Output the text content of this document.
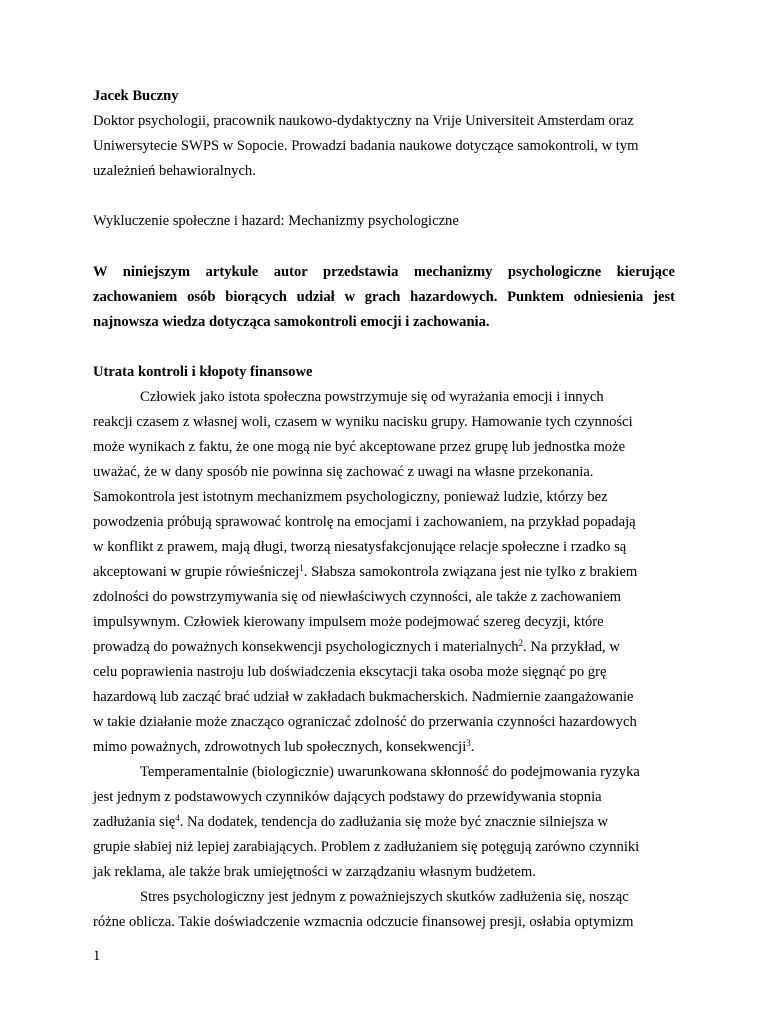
Jacek Buczny
Doktor psychologii, pracownik naukowo-dydaktyczny na Vrije Universiteit Amsterdam oraz
Uniwersytecie SWPS w Sopocie. Prowadzi badania naukowe dotyczące samokontroli, w tym
uzależnień behawioralnych.
Wykluczenie społeczne i hazard: Mechanizmy psychologiczne
W niniejszym artykule autor przedstawia mechanizmy psychologiczne kierujące
zachowaniem osób biorących udział w grach hazardowych. Punktem odniesienia jest
najnowsza wiedza dotycząca samokontroli emocji i zachowania.
Utrata kontroli i kłopoty finansowe
Człowiek jako istota społeczna powstrzymuje się od wyrażania emocji i innych
reakcji czasem z własnej woli, czasem w wyniku nacisku grupy. Hamowanie tych czynności
może wynikach z faktu, że one mogą nie być akceptowane przez grupę lub jednostka może
uważać, że w dany sposób nie powinna się zachować z uwagi na własne przekonania.
Samokontrola jest istotnym mechanizmem psychologiczny, ponieważ ludzie, którzy bez
powodzenia próbują sprawować kontrolę na emocjami i zachowaniem, na przykład popadają
w konflikt z prawem, mają długi, tworzą niesatysfakcjonujące relacje społeczne i rzadko są
akceptowani w grupie rówieśniczej$^1$. Słabsza samokontrola związana jest nie tylko z brakiem
zdolności do powstrzymywania się od niewłaściwych czynności, ale także z zachowaniem
impulsywnym. Człowiek kierowany impulsem może podejmować szereg decyzji, które
prowadzą do poważnych konsekwencji psychologicznych i materialnych$^2$. Na przykład, w
celu poprawienia nastroju lub doświadczenia ekscytacji taka osoba może sięgnąć po grę
hazardową lub zacząć brać udział w zakładach bukmacherskich. Nadmiernie zaangażowanie
w takie działanie może znacząco ograniczać zdolność do przerwania czynności hazardowych
mimo poważnych, zdrowotnych lub społecznych, konsekwencji$^3$.
Temperamentalnie (biologicznie) uwarunkowana skłonność do podejmowania ryzyka
jest jednym z podstawowych czynników dających podstawy do przewidywania stopnia
zadłużania się$^4$. Na dodatek, tendencja do zadłużania się może być znacznie silniejsza w
grupie słabiej niż lepiej zarabiających. Problem z zadłużaniem się potęgują zarówno czynniki
jak reklama, ale także brak umiejętności w zarządzaniu własnym budżetem.
Stres psychologiczny jest jednym z poważniejszych skutków zadłużenia się, nosząc
różne oblicza. Takie doświadczenie wzmacnia odczucie finansowej presji, osłabia optymizm
1
